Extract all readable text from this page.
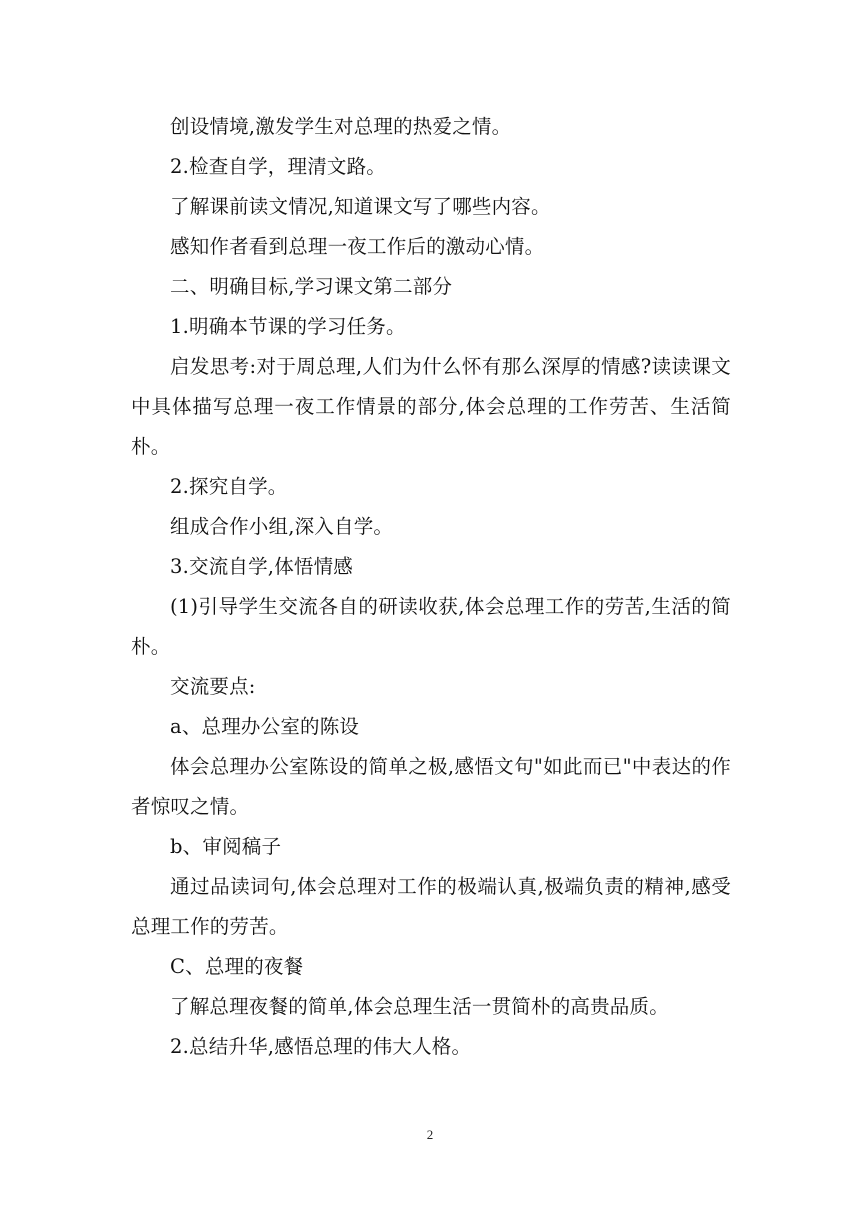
创设情境,激发学生对总理的热爱之情。

2.检查自学，理清文路。

了解课前读文情况,知道课文写了哪些内容。

感知作者看到总理一夜工作后的激动心情。

二、明确目标,学习课文第二部分

1.明确本节课的学习任务。

启发思考:对于周总理,人们为什么怀有那么深厚的情感?读读课文中具体描写总理一夜工作情景的部分,体会总理的工作劳苦、生活简朴。

2.探究自学。

组成合作小组,深入自学。

3.交流自学,体悟情感

(1)引导学生交流各自的研读收获,体会总理工作的劳苦,生活的简朴。

交流要点:

a、总理办公室的陈设

体会总理办公室陈设的简单之极,感悟文句"如此而已"中表达的作者惊叹之情。

b、审阅稿子

通过品读词句,体会总理对工作的极端认真,极端负责的精神,感受总理工作的劳苦。

C、总理的夜餐

了解总理夜餐的简单,体会总理生活一贯简朴的高贵品质。

2.总结升华,感悟总理的伟大人格。

2
